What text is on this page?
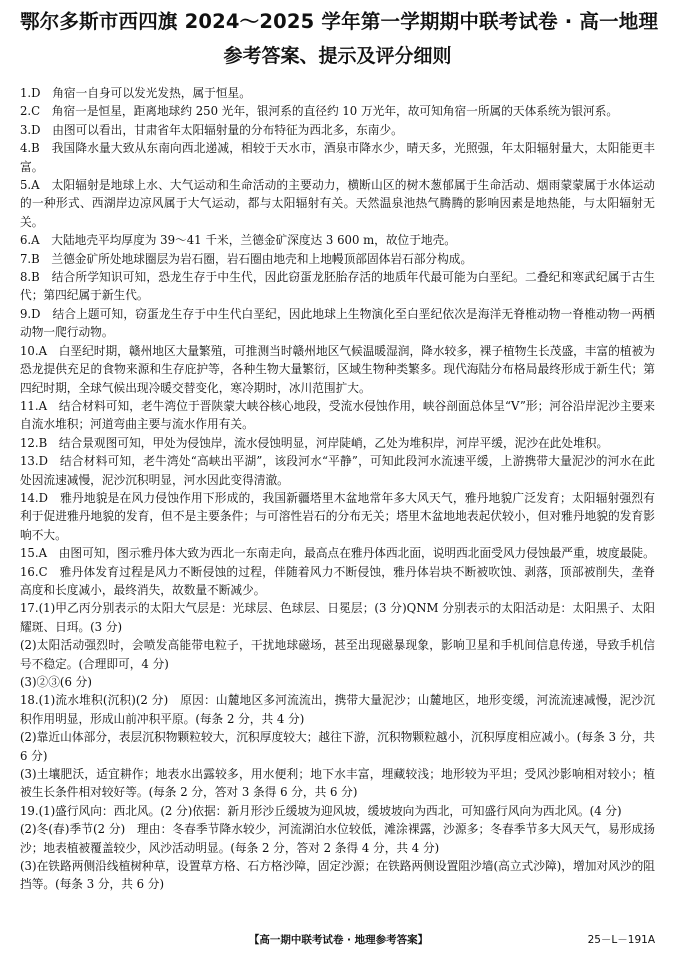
鄂尔多斯市西四旗 2024～2025 学年第一学期期中联考试卷 · 高一地理
参考答案、提示及评分细则
1.D　角宿一自身可以发光发热，属于恒星。
2.C　角宿一是恒星，距离地球约 250 光年，银河系的直径约 10 万光年，故可知角宿一所属的天体系统为银河系。
3.D　由图可以看出，甘肃省年太阳辐射量的分布特征为西北多，东南少。
4.B　我国降水量大致从东南向西北递减，相较于天水市，酒泉市降水少，晴天多，光照强，年太阳辐射量大，太阳能更丰富。
5.A　太阳辐射是地球上水、大气运动和生命活动的主要动力，横断山区的树木葱郁属于生命活动、烟雨蒙蒙属于水体运动的一种形式、西湖岸边凉风属于大气运动，都与太阳辐射有关。天然温泉池热气腾腾的影响因素是地热能，与太阳辐射无关。
6.A　大陆地壳平均厚度为 39～41 千米，兰德金矿深度达 3 600 m，故位于地壳。
7.B　兰德金矿所处地球圈层为岩石圈，岩石圈由地壳和上地幔顶部固体岩石部分构成。
8.B　结合所学知识可知，恐龙生存于中生代，因此窃蛋龙胚胎存活的地质年代最可能为白垩纪。二叠纪和寒武纪属于古生代；第四纪属于新生代。
9.D　结合上题可知，窃蛋龙生存于中生代白垩纪，因此地球上生物演化至白垩纪依次是海洋无脊椎动物一脊椎动物一两栖动物一爬行动物。
10.A　白垩纪时期，赣州地区大量繁殖，可推测当时赣州地区气候温暖湿润，降水较多，裸子植物生长茂盛，丰富的植被为恐龙提供充足的食物来源和生存庇护等，各种生物大量繁衍，区域生物种类繁多。现代海陆分布格局最终形成于新生代；第四纪时期，全球气候出现冷暖交替变化，寒冷期时，冰川范围扩大。
11.A　结合材料可知，老牛湾位于晋陕蒙大峡谷核心地段，受流水侵蚀作用，峡谷剖面总体呈“V”形；河谷沿岸泥沙主要来自流水堆积；河道弯曲主要与流水作用有关。
12.B　结合景观图可知，甲处为侵蚀岸，流水侵蚀明显，河岸陡峭，乙处为堆积岸，河岸平缓，泥沙在此处堆积。
13.D　结合材料可知，老牛湾处“高峡出平湖”，该段河水“平静”，可知此段河水流速平缓，上游携带大量泥沙的河水在此处因流速减慢，泥沙沉积明显，河水因此变得清澈。
14.D　雅丹地貌是在风力侵蚀作用下形成的，我国新疆塔里木盆地常年多大风天气，雅丹地貌广泛发育；太阳辐射强烈有利于促进雅丹地貌的发育，但不是主要条件；与可溶性岩石的分布无关；塔里木盆地地表起伏较小，但对雅丹地貌的发育影响不大。
15.A　由图可知，图示雅丹体大致为西北一东南走向，最高点在雅丹体西北面，说明西北面受风力侵蚀最严重，坡度最陡。
16.C　雅丹体发育过程是风力不断侵蚀的过程，伴随着风力不断侵蚀，雅丹体岩块不断被吹蚀、剥落，顶部被削失，垄脊高度和长度减小，最终消失，故数量不断减少。
17.(1)甲乙丙分别表示的太阳大气层是：光球层、色球层、日冕层；(3 分)QNM 分别表示的太阳活动是：太阳黑子、太阳耀斑、日珥。(3 分)
(2)太阳活动强烈时，会喷发高能带电粒子，干扰地球磁场，甚至出现磁暴现象，影响卫星和手机间信息传递，导致手机信号不稳定。(合理即可，4 分)
(3)②③(6 分)
18.(1)流水堆积(沉积)(2 分)　原因：山麓地区多河流流出，携带大量泥沙；山麓地区，地形变缓，河流流速减慢，泥沙沉积作用明显，形成山前冲积平原。(每条 2 分，共 4 分)
(2)靠近山体部分，表层沉积物颗粒较大，沉积厚度较大；越往下游，沉积物颗粒越小，沉积厚度相应减小。(每条 3 分，共 6 分)
(3)土壤肥沃，适宜耕作；地表水出露较多，用水便利；地下水丰富，埋藏较浅；地形较为平坦；受风沙影响相对较小；植被生长条件相对较好等。(每条 2 分，答对 3 条得 6 分，共 6 分)
19.(1)盛行风向：西北风。(2 分)依据：新月形沙丘缓坡为迎风坡，缓坡坡向为西北，可知盛行风向为西北风。(4 分)
(2)冬(春)季节(2 分)　理由：冬春季节降水较少，河流湖泊水位较低，滩涂裸露，沙源多；冬春季节多大风天气，易形成扬沙；地表植被覆盖较少，风沙活动明显。(每条 2 分，答对 2 条得 4 分，共 4 分)
(3)在铁路两侧沿线植树种草，设置草方格、石方格沙障，固定沙源；在铁路两侧设置阻沙墙(高立式沙障)，增加对风沙的阻挡等。(每条 3 分，共 6 分)
【高一期中联考试卷 · 地理参考答案】	25－L－191A
